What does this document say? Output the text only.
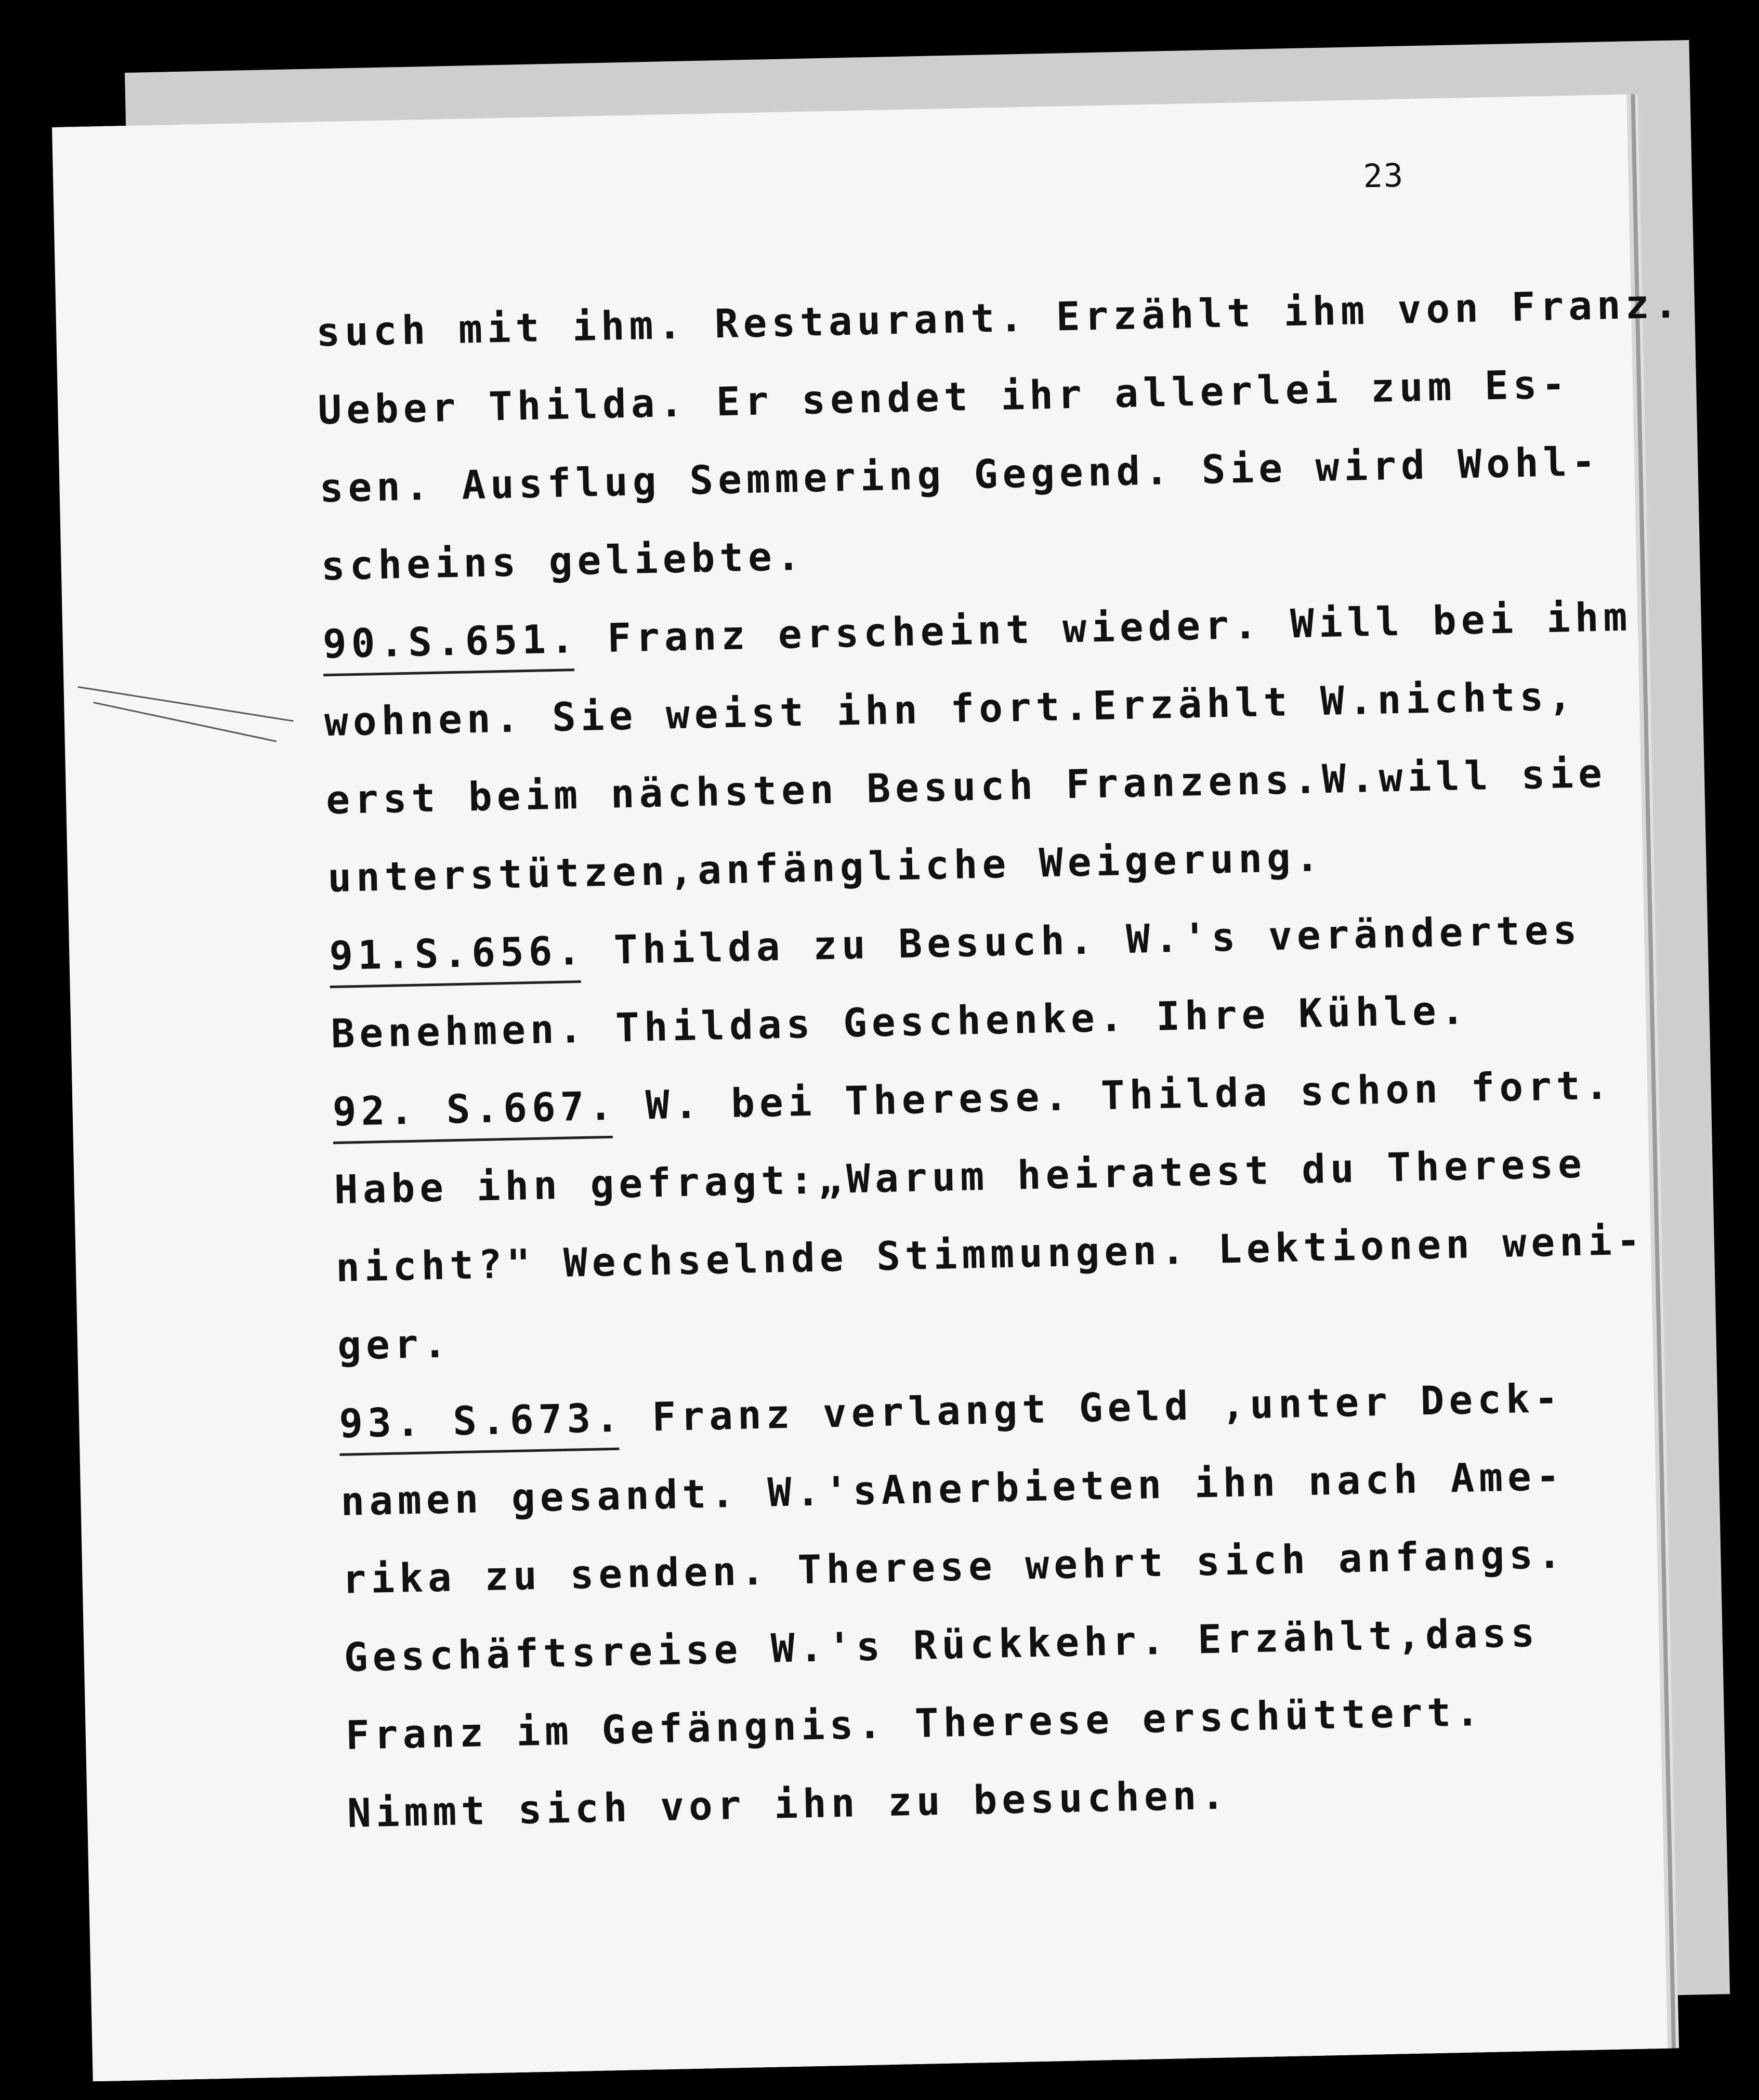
23
such mit ihm. Restaurant. Erzählt ihm von Franz.
Ueber Thilda. Er sendet ihr allerlei zum Es-
sen. Ausflug Semmering Gegend. Sie wird Wohl-
scheins geliebte.
90.S.651. Franz erscheint wieder. Will bei ihm
wohnen. Sie weist ihn fort.Erzählt W.nichts,
erst beim nächsten Besuch Franzens.W.will sie
unterstützen,anfängliche Weigerung.
91.S.656. Thilda zu Besuch. W.'s verändertes
Benehmen. Thildas Geschenke. Ihre Kühle.
92. S.667. W. bei Therese. Thilda schon fort.
Habe ihn gefragt:„Warum heiratest du Therese
nicht?" Wechselnde Stimmungen. Lektionen weni-
ger.
93. S.673. Franz verlangt Geld ,unter Deck-
namen gesandt. W.'sAnerbieten ihn nach Ame-
rika zu senden. Therese wehrt sich anfangs.
Geschäftsreise W.'s Rückkehr. Erzählt,dass
Franz im Gefängnis. Therese erschüttert.
Nimmt sich vor ihn zu besuchen.
